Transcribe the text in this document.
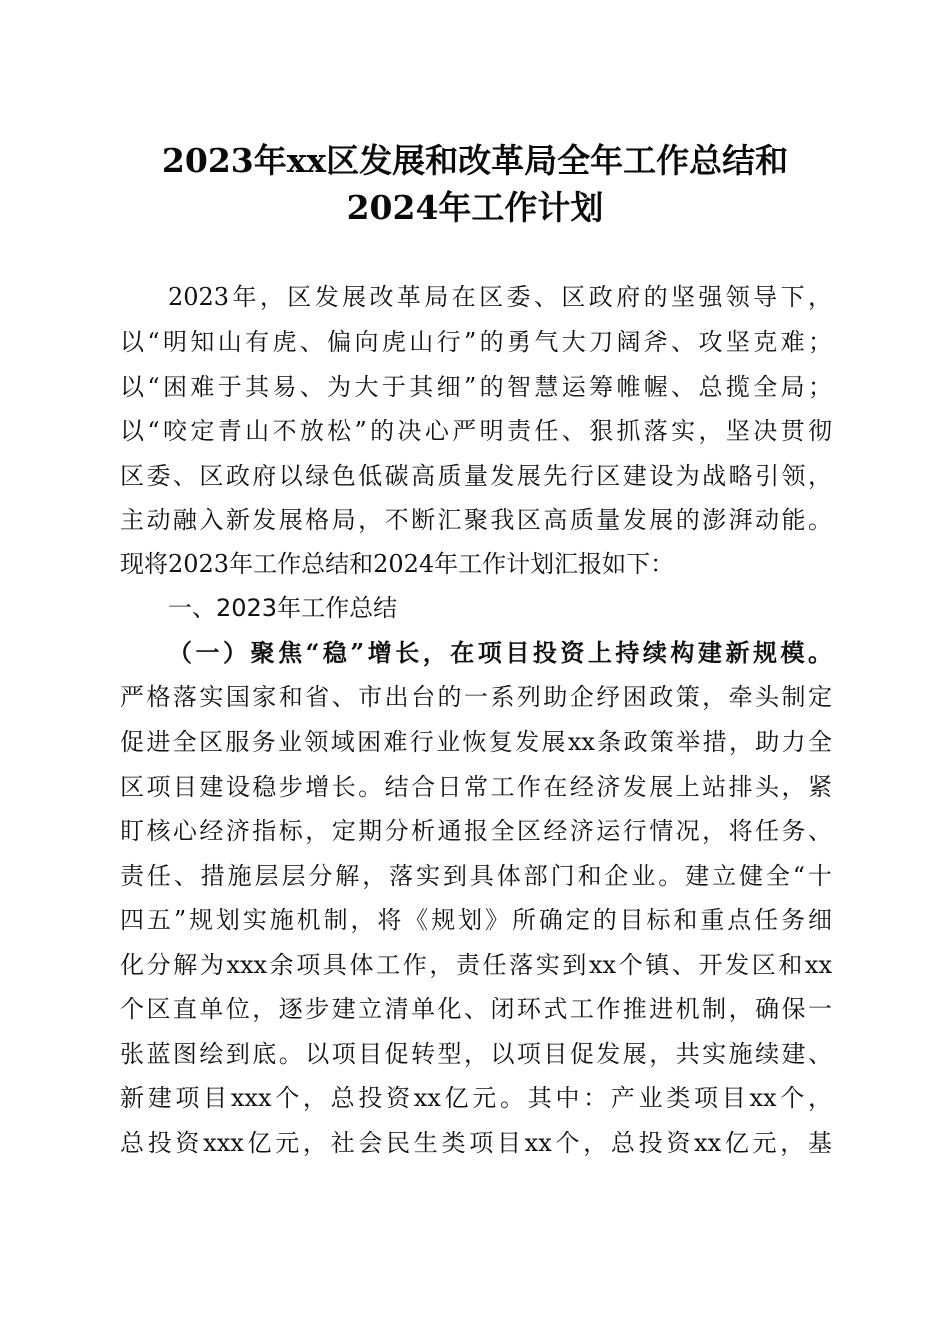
2023年xx区发展和改革局全年工作总结和
2024年工作计划
2023年，区发展改革局在区委、区政府的坚强领导下，
以“明知山有虎、偏向虎山行”的勇气大刀阔斧、攻坚克难；
以“困难于其易、为大于其细”的智慧运筹帷幄、总揽全局；
以“咬定青山不放松”的决心严明责任、狠抓落实，坚决贯彻
区委、区政府以绿色低碳高质量发展先行区建设为战略引领，
主动融入新发展格局，不断汇聚我区高质量发展的澎湃动能。
现将2023年工作总结和2024年工作计划汇报如下：
一、2023年工作总结
（一）聚焦“稳”增长，在项目投资上持续构建新规模。
严格落实国家和省、市出台的一系列助企纾困政策，牵头制定
促进全区服务业领域困难行业恢复发展xx条政策举措，助力全
区项目建设稳步增长。结合日常工作在经济发展上站排头，紧
盯核心经济指标，定期分析通报全区经济运行情况，将任务、
责任、措施层层分解，落实到具体部门和企业。建立健全“十
四五”规划实施机制，将《规划》所确定的目标和重点任务细
化分解为xxx余项具体工作，责任落实到xx个镇、开发区和xx
个区直单位，逐步建立清单化、闭环式工作推进机制，确保一
张蓝图绘到底。以项目促转型，以项目促发展，共实施续建、
新建项目xxx个，总投资xx亿元。其中：产业类项目xx个，
总投资xxx亿元，社会民生类项目xx个，总投资xx亿元，基
